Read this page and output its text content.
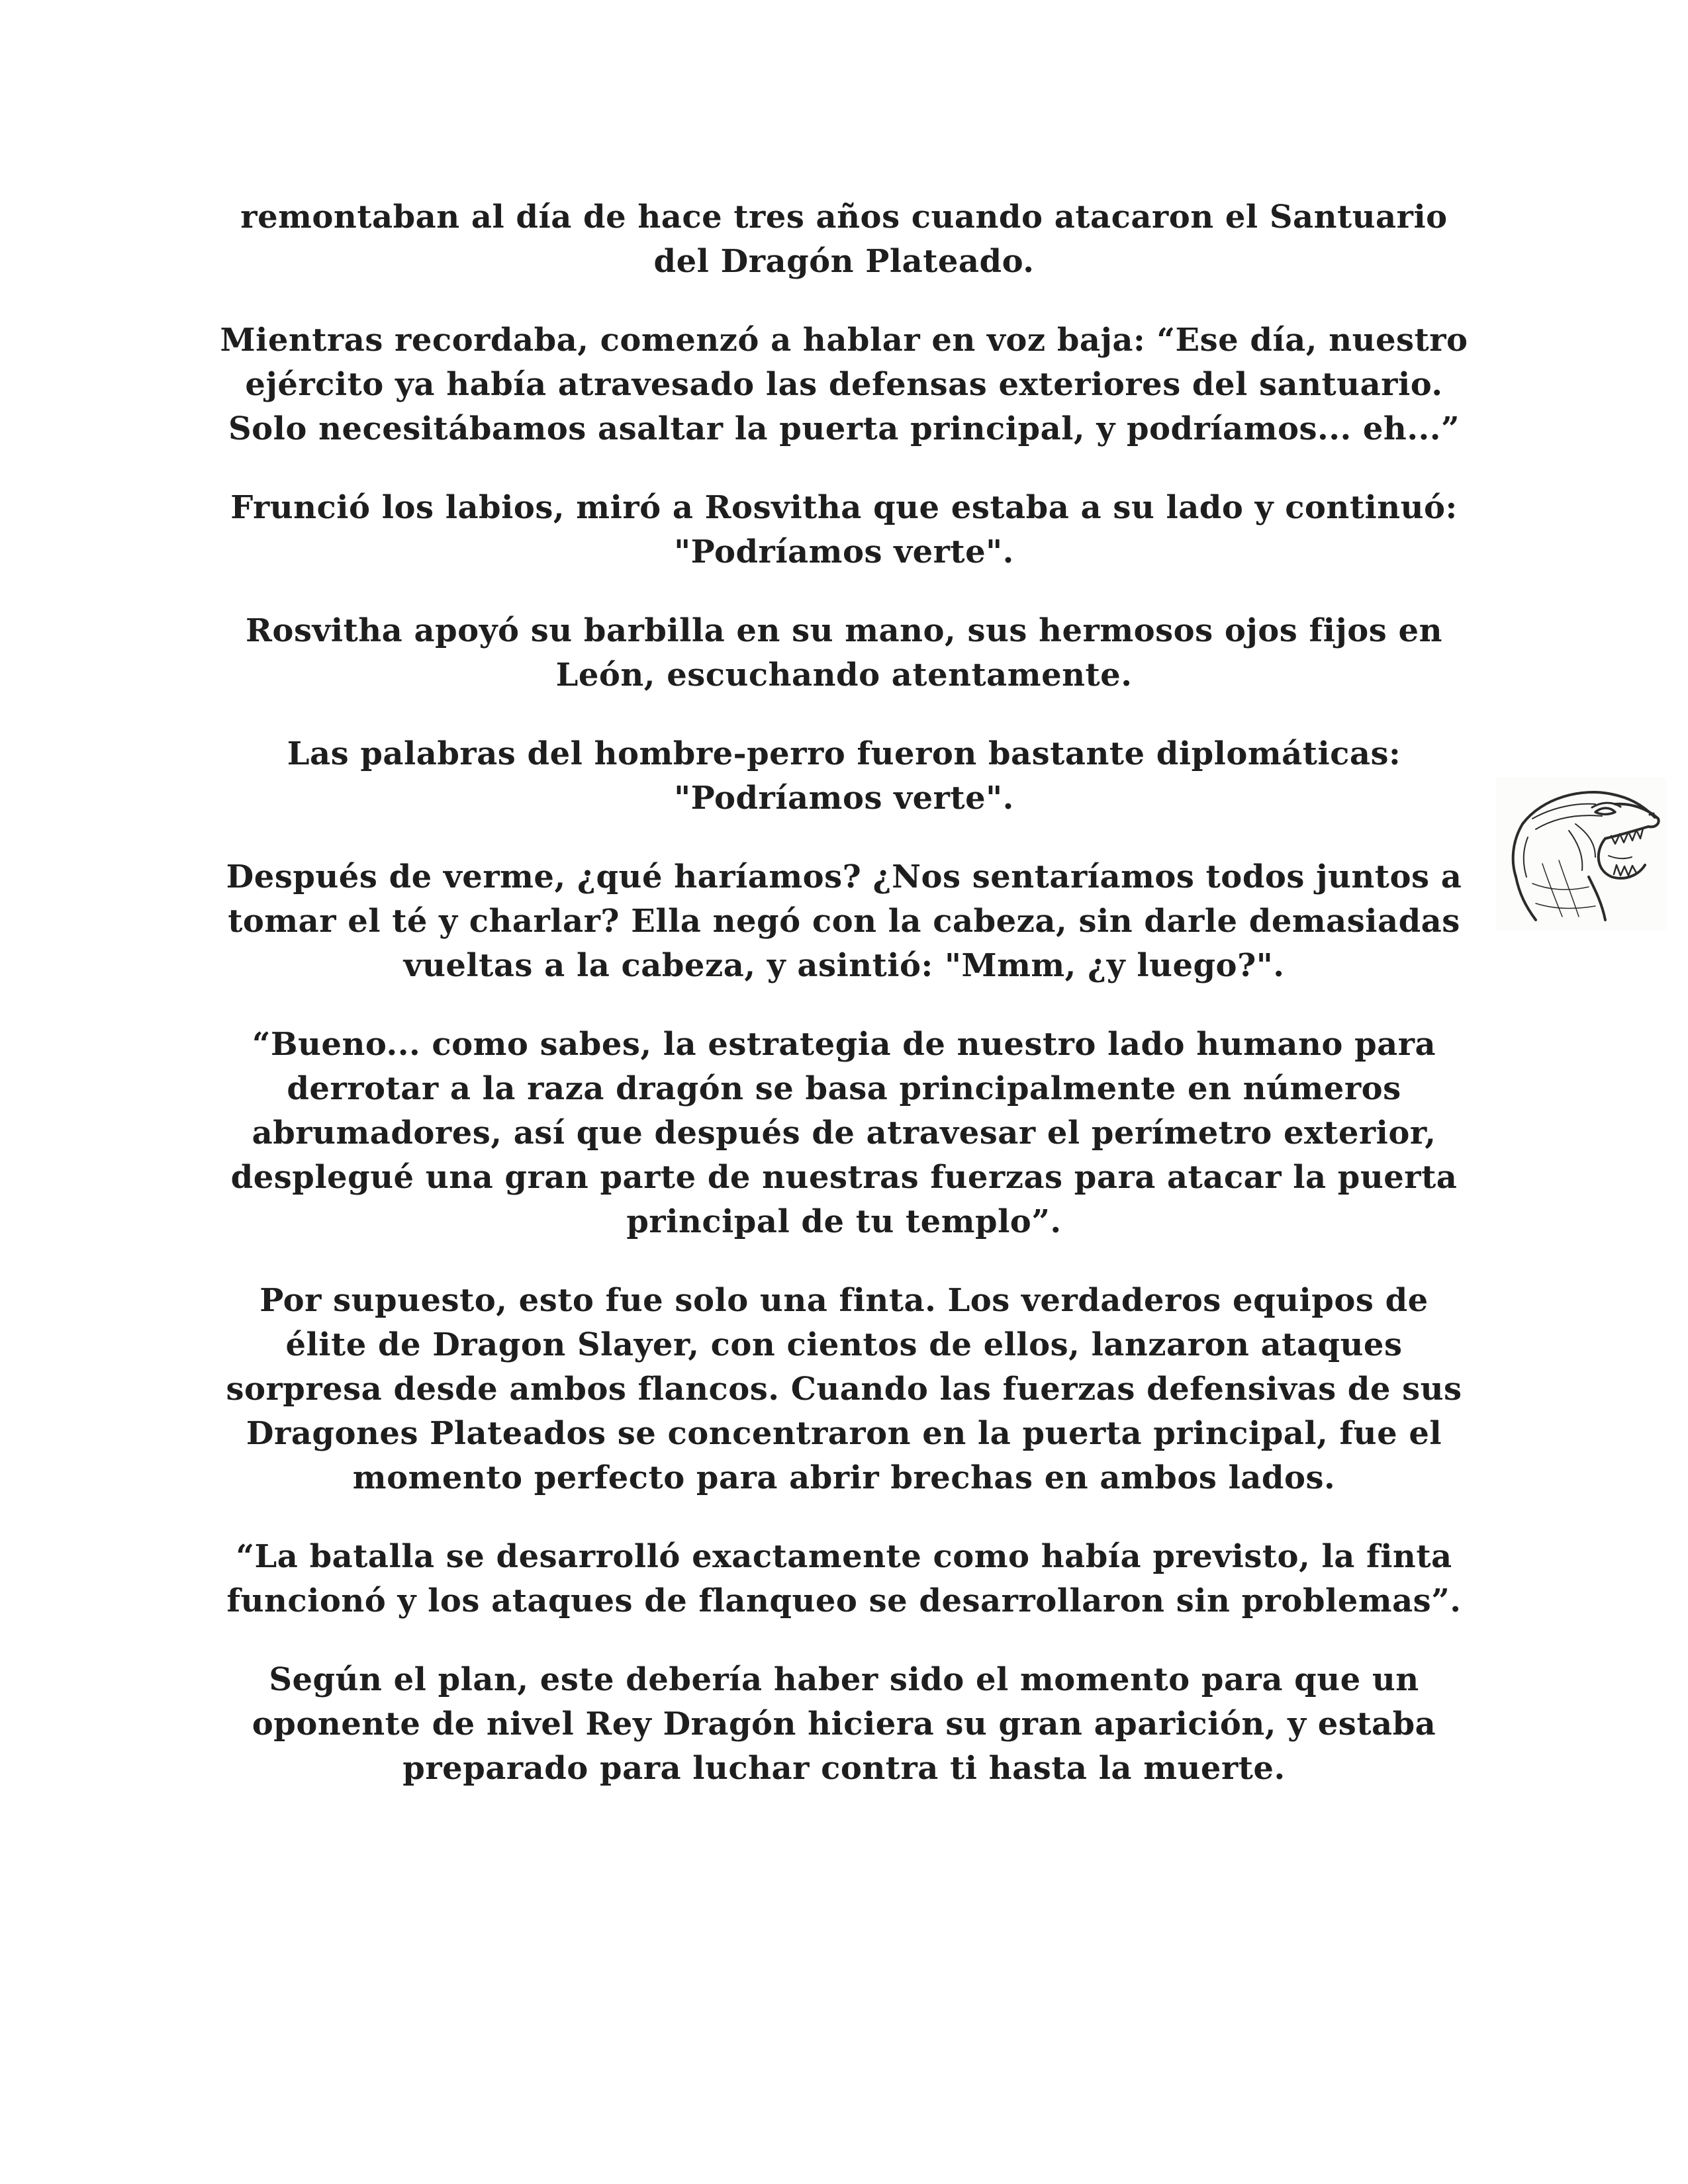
remontaban al día de hace tres años cuando atacaron el Santuario del Dragón Plateado.

Mientras recordaba, comenzó a hablar en voz baja: “Ese día, nuestro ejército ya había atravesado las defensas exteriores del santuario. Solo necesitábamos asaltar la puerta principal, y podríamos... eh...”

Frunció los labios, miró a Rosvitha que estaba a su lado y continuó: "Podríamos verte".

Rosvitha apoyó su barbilla en su mano, sus hermosos ojos fijos en León, escuchando atentamente.

Las palabras del hombre-perro fueron bastante diplomáticas: "Podríamos verte".

Después de verme, ¿qué haríamos? ¿Nos sentaríamos todos juntos a tomar el té y charlar? Ella negó con la cabeza, sin darle demasiadas vueltas a la cabeza, y asintió: "Mmm, ¿y luego?".

“Bueno... como sabes, la estrategia de nuestro lado humano para derrotar a la raza dragón se basa principalmente en números abrumadores, así que después de atravesar el perímetro exterior, desplegué una gran parte de nuestras fuerzas para atacar la puerta principal de tu templo”.

Por supuesto, esto fue solo una finta. Los verdaderos equipos de élite de Dragon Slayer, con cientos de ellos, lanzaron ataques sorpresa desde ambos flancos. Cuando las fuerzas defensivas de sus Dragones Plateados se concentraron en la puerta principal, fue el momento perfecto para abrir brechas en ambos lados.

“La batalla se desarrolló exactamente como había previsto, la finta funcionó y los ataques de flanqueo se desarrollaron sin problemas”.

Según el plan, este debería haber sido el momento para que un oponente de nivel Rey Dragón hiciera su gran aparición, y estaba preparado para luchar contra ti hasta la muerte.
